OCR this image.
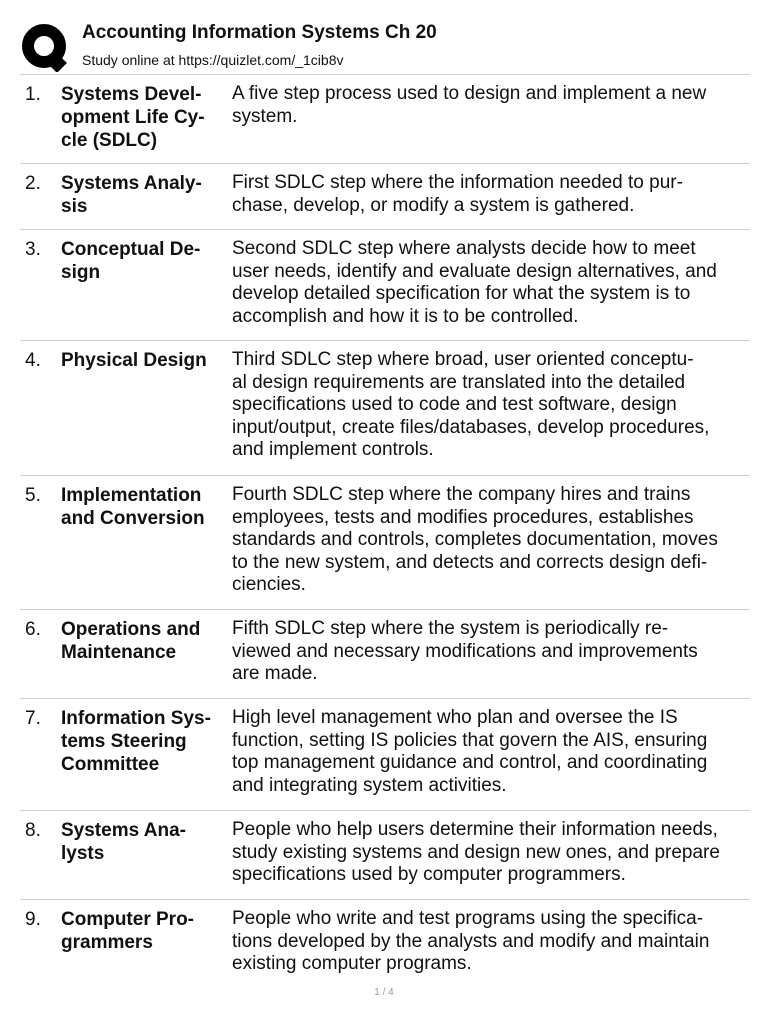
Accounting Information Systems Ch 20
Study online at https://quizlet.com/_1cib8v
1. Systems Devel-
opment Life Cy-
cle (SDLC)
A five step process used to design and implement a new
system.
2. Systems Analy-
sis
First SDLC step where the information needed to pur-
chase, develop, or modify a system is gathered.
3. Conceptual De-
sign
Second SDLC step where analysts decide how to meet
user needs, identify and evaluate design alternatives, and
develop detailed specification for what the system is to
accomplish and how it is to be controlled.
4. Physical Design	Third SDLC step where broad, user oriented conceptu-
al design requirements are translated into the detailed
specifications used to code and test software, design
input/output, create files/databases, develop procedures,
and implement controls.
5. Implementation
and Conversion
Fourth SDLC step where the company hires and trains
employees, tests and modifies procedures, establishes
standards and controls, completes documentation, moves
to the new system, and detects and corrects design defi-
ciencies.
6. Operations and
Maintenance
Fifth SDLC step where the system is periodically re-
viewed and necessary modifications and improvements
are made.
7. Information Sys-
tems Steering
Committee
High level management who plan and oversee the IS
function, setting IS policies that govern the AIS, ensuring
top management guidance and control, and coordinating
and integrating system activities.
8. Systems Ana-
lysts
People who help users determine their information needs,
study existing systems and design new ones, and prepare
specifications used by computer programmers.
9. Computer Pro-
grammers
People who write and test programs using the specifica-
tions developed by the analysts and modify and maintain
existing computer programs.
1 / 4
